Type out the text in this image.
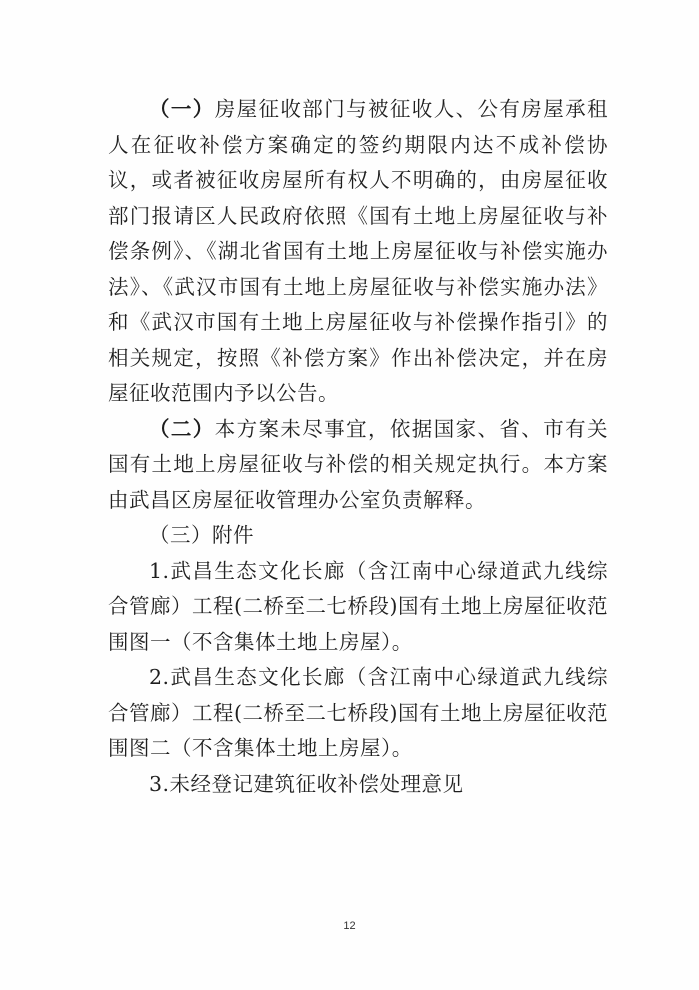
（一）房屋征收部门与被征收人、公有房屋承租人在征收补偿方案确定的签约期限内达不成补偿协议，或者被征收房屋所有权人不明确的，由房屋征收部门报请区人民政府依照《国有土地上房屋征收与补偿条例》、《湖北省国有土地上房屋征收与补偿实施办法》、《武汉市国有土地上房屋征收与补偿实施办法》和《武汉市国有土地上房屋征收与补偿操作指引》的相关规定，按照《补偿方案》作出补偿决定，并在房屋征收范围内予以公告。

（二）本方案未尽事宜，依据国家、省、市有关国有土地上房屋征收与补偿的相关规定执行。本方案由武昌区房屋征收管理办公室负责解释。

（三）附件

1.武昌生态文化长廊（含江南中心绿道武九线综合管廊）工程(二桥至二七桥段)国有土地上房屋征收范围图一（不含集体土地上房屋）。

2.武昌生态文化长廊（含江南中心绿道武九线综合管廊）工程(二桥至二七桥段)国有土地上房屋征收范围图二（不含集体土地上房屋）。

3.未经登记建筑征收补偿处理意见

12
